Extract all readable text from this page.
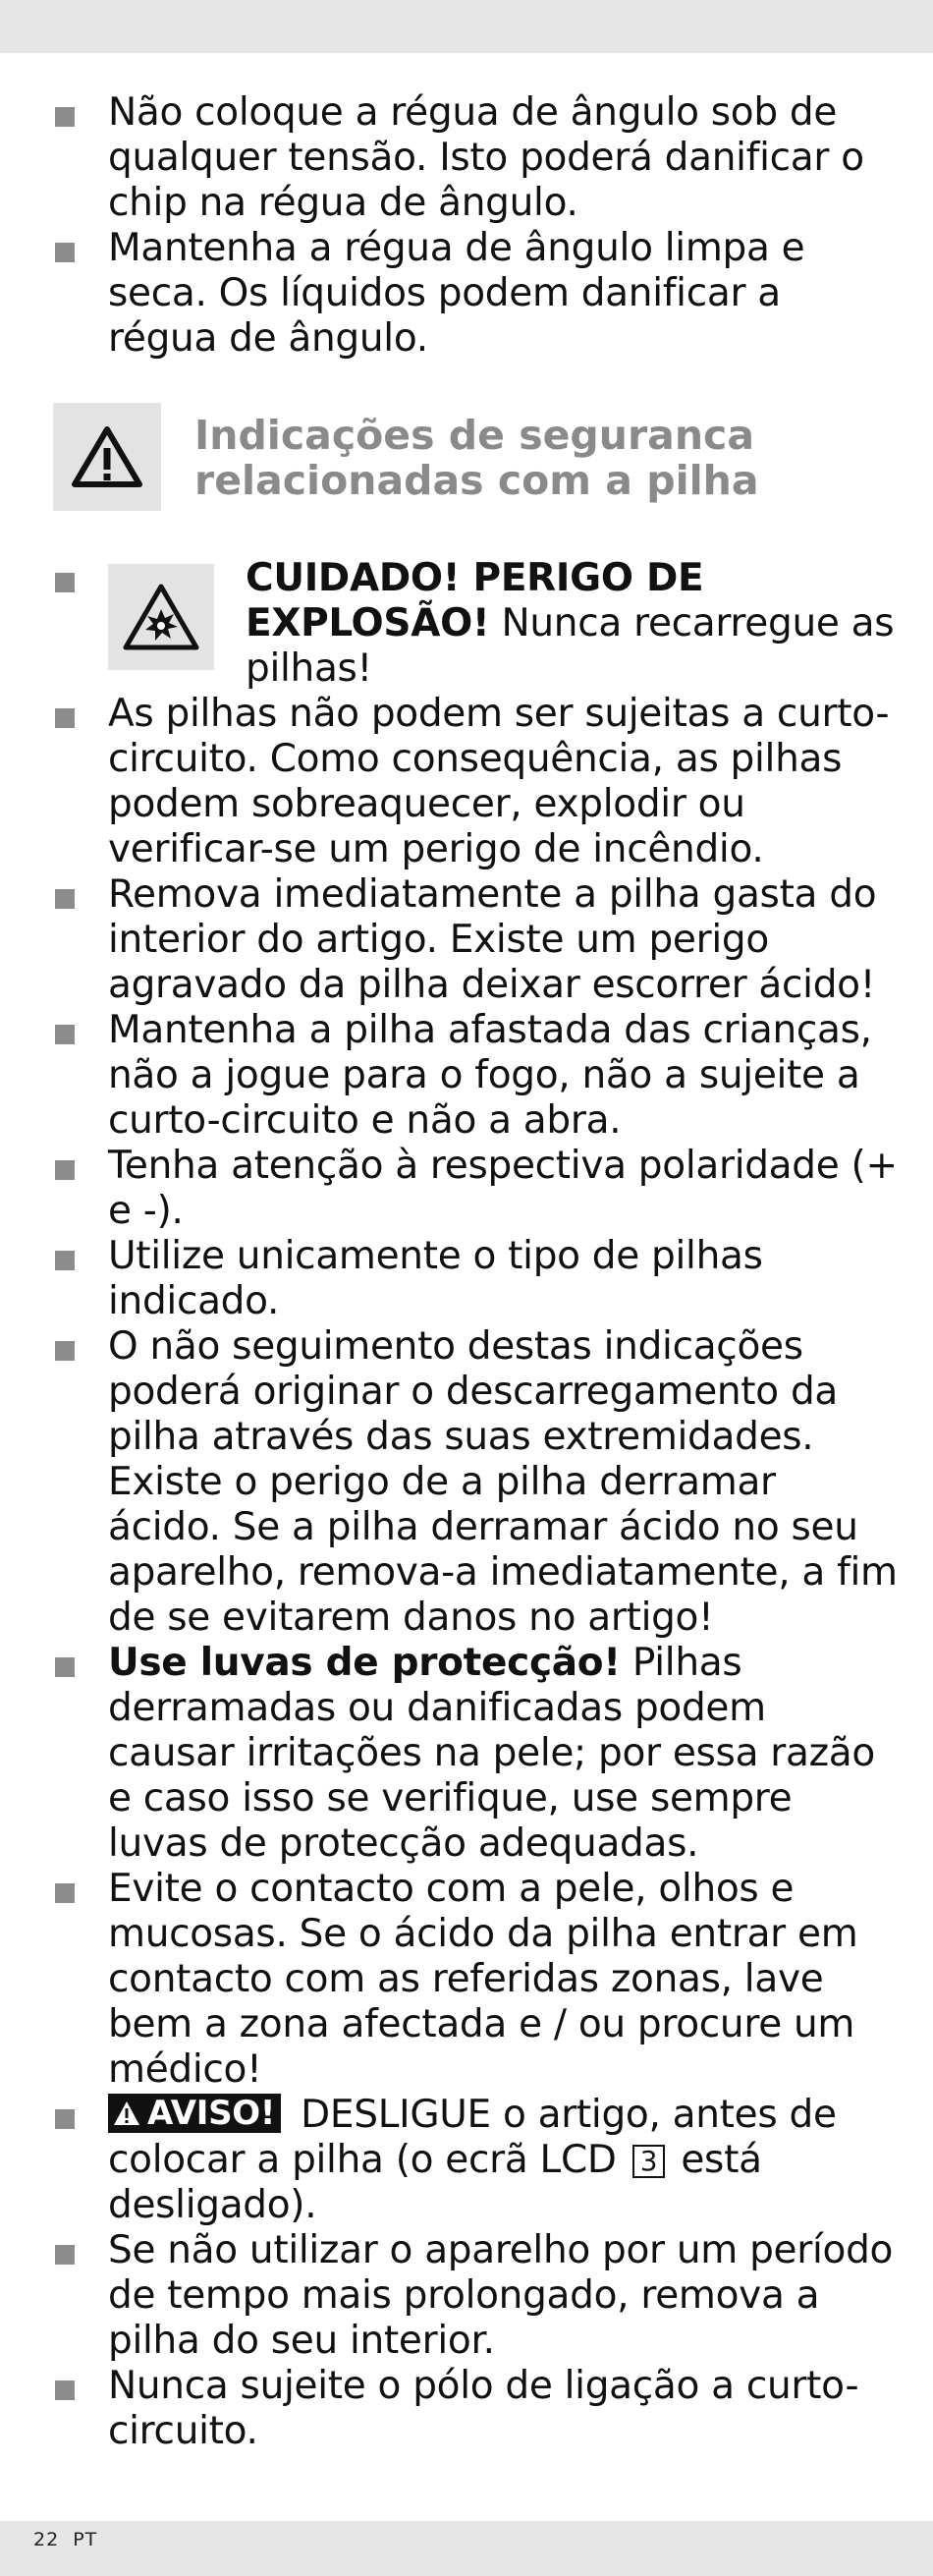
Não coloque a régua de ângulo sob de qualquer tensão. Isto poderá danificar o chip na régua de ângulo.
Mantenha a régua de ângulo limpa e seca. Os líquidos podem danificar a régua de ângulo.
Indicações de seguranca relacionadas com a pilha
CUIDADO! PERIGO DE EXPLOSÃO! Nunca recarregue as pilhas!
As pilhas não podem ser sujeitas a curto-circuito. Como consequência, as pilhas podem sobreaquecer, explodir ou verificar-se um perigo de incêndio.
Remova imediatamente a pilha gasta do interior do artigo. Existe um perigo agravado da pilha deixar escorrer ácido!
Mantenha a pilha afastada das crianças, não a jogue para o fogo, não a sujeite a curto-circuito e não a abra.
Tenha atenção à respectiva polaridade (+ e -).
Utilize unicamente o tipo de pilhas indicado.
O não seguimento destas indicações poderá originar o descarregamento da pilha através das suas extremidades. Existe o perigo de a pilha derramar ácido. Se a pilha derramar ácido no seu aparelho, remova-a imediatamente, a fim de se evitarem danos no artigo!
Use luvas de protecção! Pilhas derramadas ou danificadas podem causar irritações na pele; por essa razão e caso isso se verifique, use sempre luvas de protecção adequadas.
Evite o contacto com a pele, olhos e mucosas. Se o ácido da pilha entrar em contacto com as referidas zonas, lave bem a zona afectada e / ou procure um médico!
AVISO! DESLIGUE o artigo, antes de colocar a pilha (o ecrã LCD 3 está desligado).
Se não utilizar o aparelho por um período de tempo mais prolongado, remova a pilha do seu interior.
Nunca sujeite o pólo de ligação a curto-circuito.
22 PT
